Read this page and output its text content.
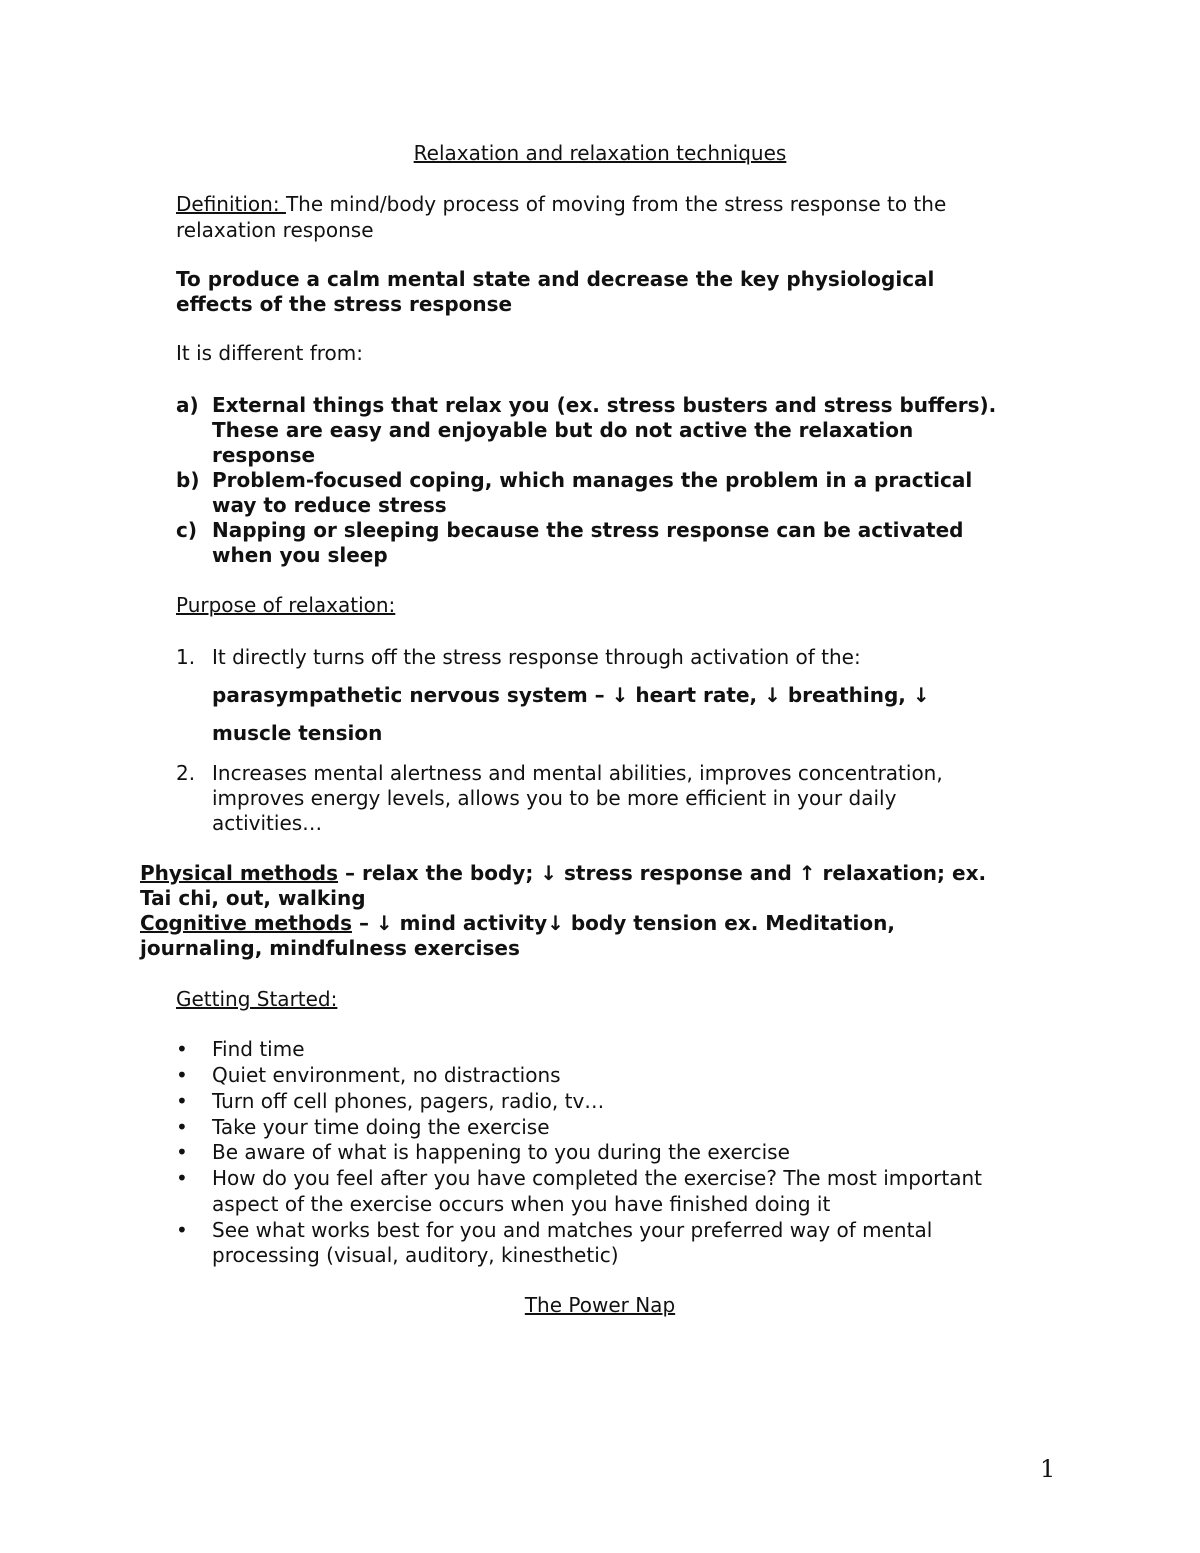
Relaxation and relaxation techniques
Definition: The mind/body process of moving from the stress response to the
relaxation response
To produce a calm mental state and decrease the key physiological
effects of the stress response
It is different from:
a) External things that relax you (ex. stress busters and stress buffers).
These are easy and enjoyable but do not active the relaxation
response
b) Problem-focused coping, which manages the problem in a practical
way to reduce stress
c) Napping or sleeping because the stress response can be activated
when you sleep
Purpose of relaxation:
1. It directly turns off the stress response through activation of the:
parasympathetic nervous system – ↓ heart rate, ↓ breathing, ↓
muscle tension
2. Increases mental alertness and mental abilities, improves concentration,
improves energy levels, allows you to be more efficient in your daily
activities…
Physical methods – relax the body; ↓ stress response and ↑ relaxation; ex.
Tai chi, out, walking
Cognitive methods – ↓ mind activity↓ body tension ex. Meditation,
journaling, mindfulness exercises
Getting Started:
• Find time
• Quiet environment, no distractions
• Turn off cell phones, pagers, radio, tv…
• Take your time doing the exercise
• Be aware of what is happening to you during the exercise
• How do you feel after you have completed the exercise? The most important
aspect of the exercise occurs when you have finished doing it
• See what works best for you and matches your preferred way of mental
processing (visual, auditory, kinesthetic)
The Power Nap
1
